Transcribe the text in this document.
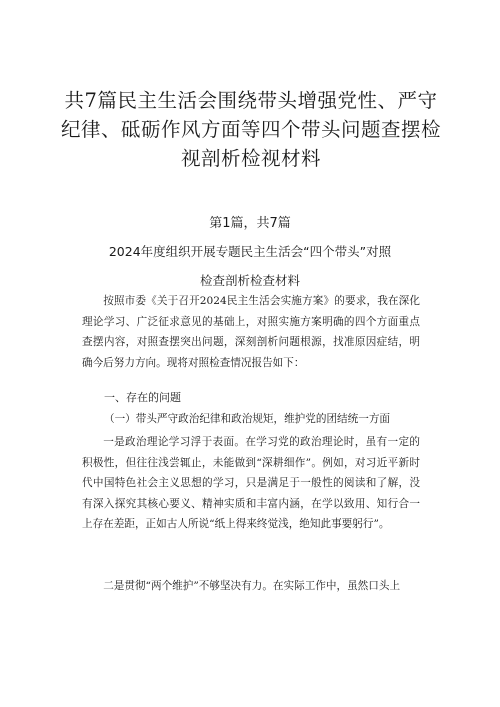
共7篇民主生活会围绕带头增强党性、严守纪律、砥砺作风方面等四个带头问题查摆检视剖析检视材料
第1篇，共7篇
2024年度组织开展专题民主生活会“四个带头”对照
检查剖析检查材料

按照市委《关于召开2024民主生活会实施方案》的要求，我在深化理论学习、广泛征求意见的基础上，对照实施方案明确的四个方面重点查摆内容，对照查摆突出问题，深刻剖析问题根源，找准原因症结，明确今后努力方向。现将对照检查情况报告如下：

一、存在的问题
（一）带头严守政治纪律和政治规矩，维护党的团结统一方面

一是政治理论学习浮于表面。在学习党的政治理论时，虽有一定的积极性，但往往浅尝辄止，未能做到“深耕细作”。例如，对习近平新时代中国特色社会主义思想的学习，只是满足于一般性的阅读和了解，没有深入探究其核心要义、精神实质和丰富内涵，在学以致用、知行合一上存在差距，正如古人所说“纸上得来终觉浅，绝知此事要躬行”。

二是贯彻“两个维护”不够坚决有力。在实际工作中，虽然口头上
